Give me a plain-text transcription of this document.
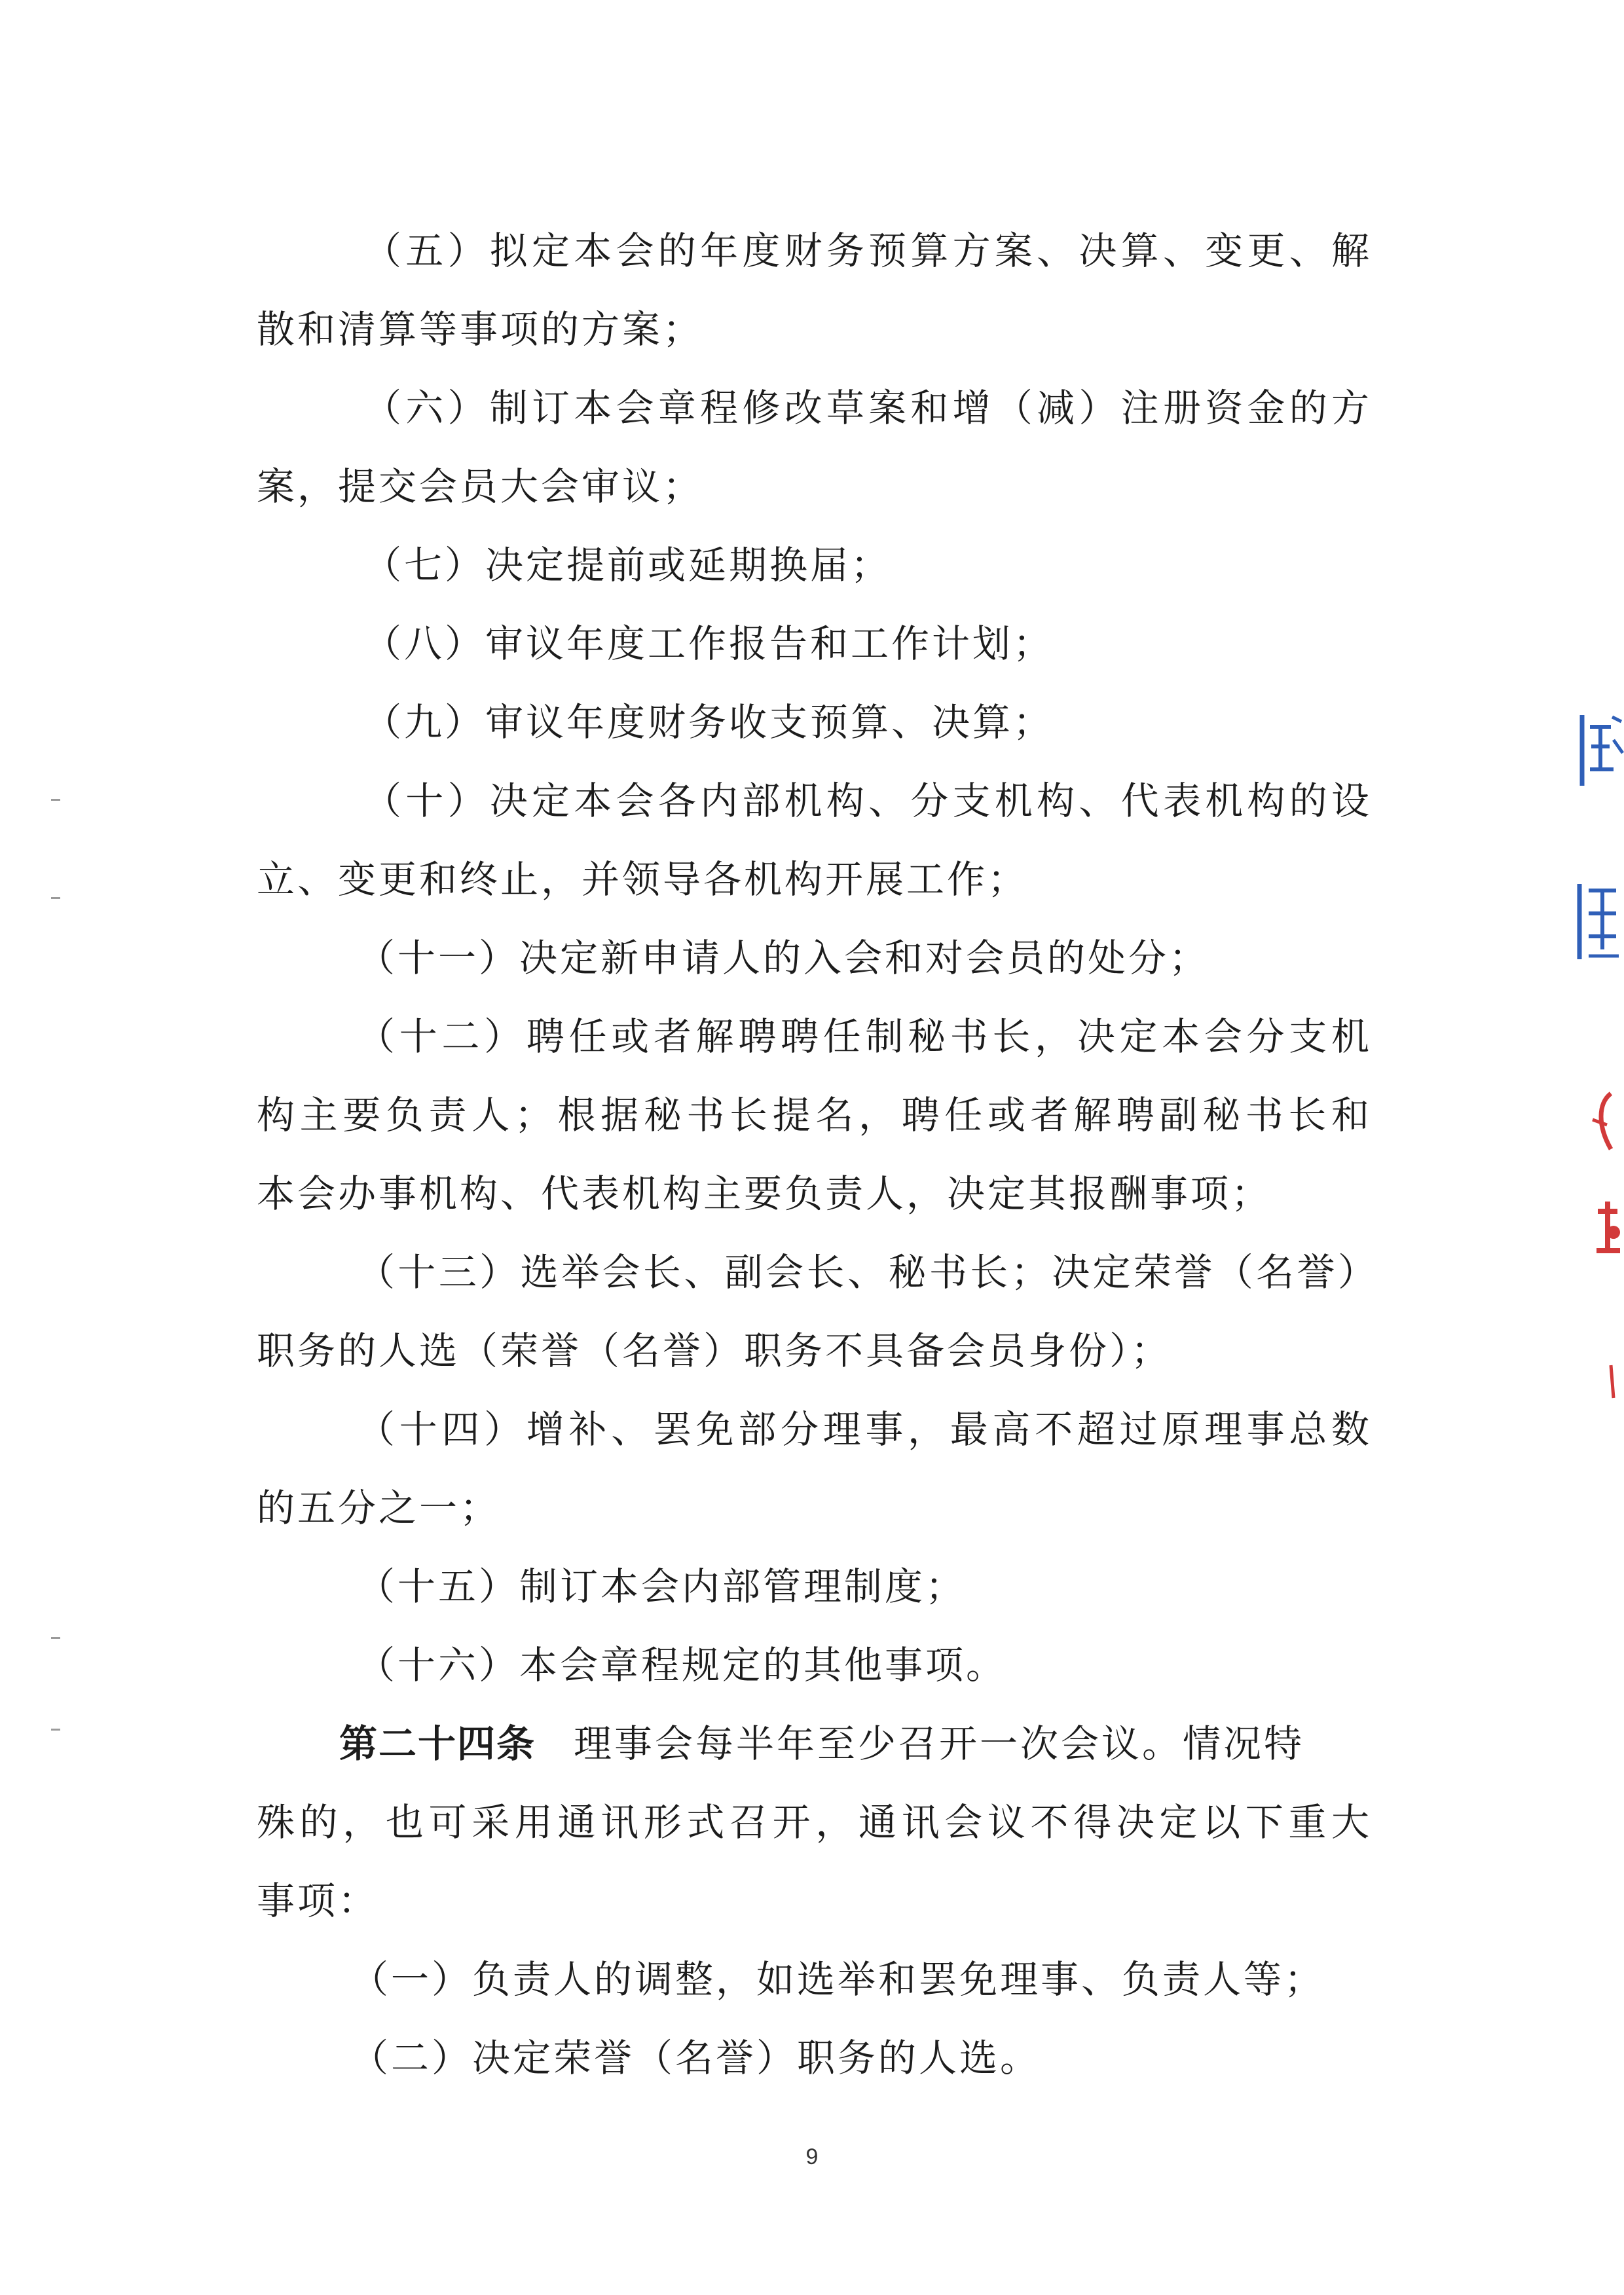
（五）拟定本会的年度财务预算方案、决算、变更、解
散和清算等事项的方案；
（六）制订本会章程修改草案和增（减）注册资金的方
案，提交会员大会审议；
（七）决定提前或延期换届；
（八）审议年度工作报告和工作计划；
（九）审议年度财务收支预算、决算；
（十）决定本会各内部机构、分支机构、代表机构的设
立、变更和终止，并领导各机构开展工作；
（十一）决定新申请人的入会和对会员的处分；
（十二）聘任或者解聘聘任制秘书长，决定本会分支机
构主要负责人；根据秘书长提名，聘任或者解聘副秘书长和
本会办事机构、代表机构主要负责人，决定其报酬事项；
（十三）选举会长、副会长、秘书长；决定荣誉（名誉）
职务的人选（荣誉（名誉）职务不具备会员身份）；
（十四）增补、罢免部分理事，最高不超过原理事总数
的五分之一；
（十五）制订本会内部管理制度；
（十六）本会章程规定的其他事项。
第二十四条 理事会每半年至少召开一次会议。情况特
殊的，也可采用通讯形式召开，通讯会议不得决定以下重大
事项：
（一）负责人的调整，如选举和罢免理事、负责人等；
（二）决定荣誉（名誉）职务的人选。
9
